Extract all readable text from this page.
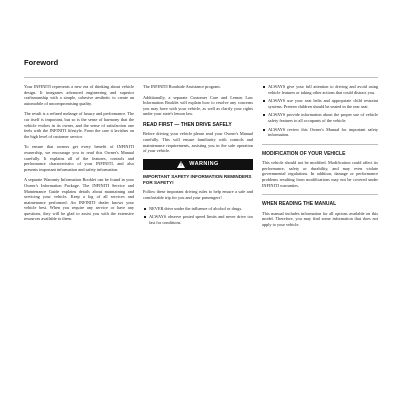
Foreword

Your INFINITI represents a new era of thinking about vehicle design. It integrates advanced engineering and superior craftsmanship with a simple, cohesive aesthetic to create an automobile of uncompromising quality.

The result is a refined melange of luxury and performance. The car itself is important, but so is the sense of harmony that the vehicle evokes in its owner, and the sense of satisfaction one feels with the INFINITI lifestyle. From the care it lavishes on the high level of customer service.

To ensure that owners get every benefit of INFINITI ownership, we encourage you to read this Owner's Manual carefully. It explains all of the features, controls and performance characteristics of your INFINITI, and also presents important information and safety information.

A separate Warranty Information Booklet can be found in your Owner's Information Package. The INFINITI Service and Maintenance Guide explains details about maintaining and servicing your vehicle. Keep a log of all services and maintenance performed. An INFINITI dealer knows your vehicle best. When you require any service or have any questions, they will be glad to assist you with the extensive resources available to them.

The INFINITI Roadside Assistance program.

Additionally, a separate Customer Care and Lemon Law Information Booklet will explain how to resolve any concerns you may have with your vehicle, as well as clarify your rights under your state's lemon law.

READ FIRST — THEN DRIVE SAFELY

Before driving your vehicle please read your Owner's Manual carefully. This will ensure familiarity with controls and maintenance requirements, assisting you in the safe operation of your vehicle.

! WARNING
IMPORTANT SAFETY INFORMATION REMINDERS FOR SAFETY!

Follow these important driving rules to help ensure a safe and comfortable trip for you and your passengers!

NEVER drive under the influence of alcohol or drugs.
ALWAYS observe posted speed limits and never drive too fast for conditions.
ALWAYS give your full attention to driving and avoid using vehicle features or taking other actions that could distract you.
ALWAYS use your seat belts and appropriate child restraint systems. Preteen children should be seated in the rear seat.
ALWAYS provide information about the proper use of vehicle safety features to all occupants of the vehicle.
ALWAYS review this Owner's Manual for important safety information.
MODIFICATION OF YOUR VEHICLE

This vehicle should not be modified. Modification could affect its performance, safety or durability, and may even violate governmental regulations. In addition, damage or performance problems resulting from modifications may not be covered under INFINITI warranties.

WHEN READING THE MANUAL

This manual includes information for all options available on this model. Therefore, you may find some information that does not apply to your vehicle.
